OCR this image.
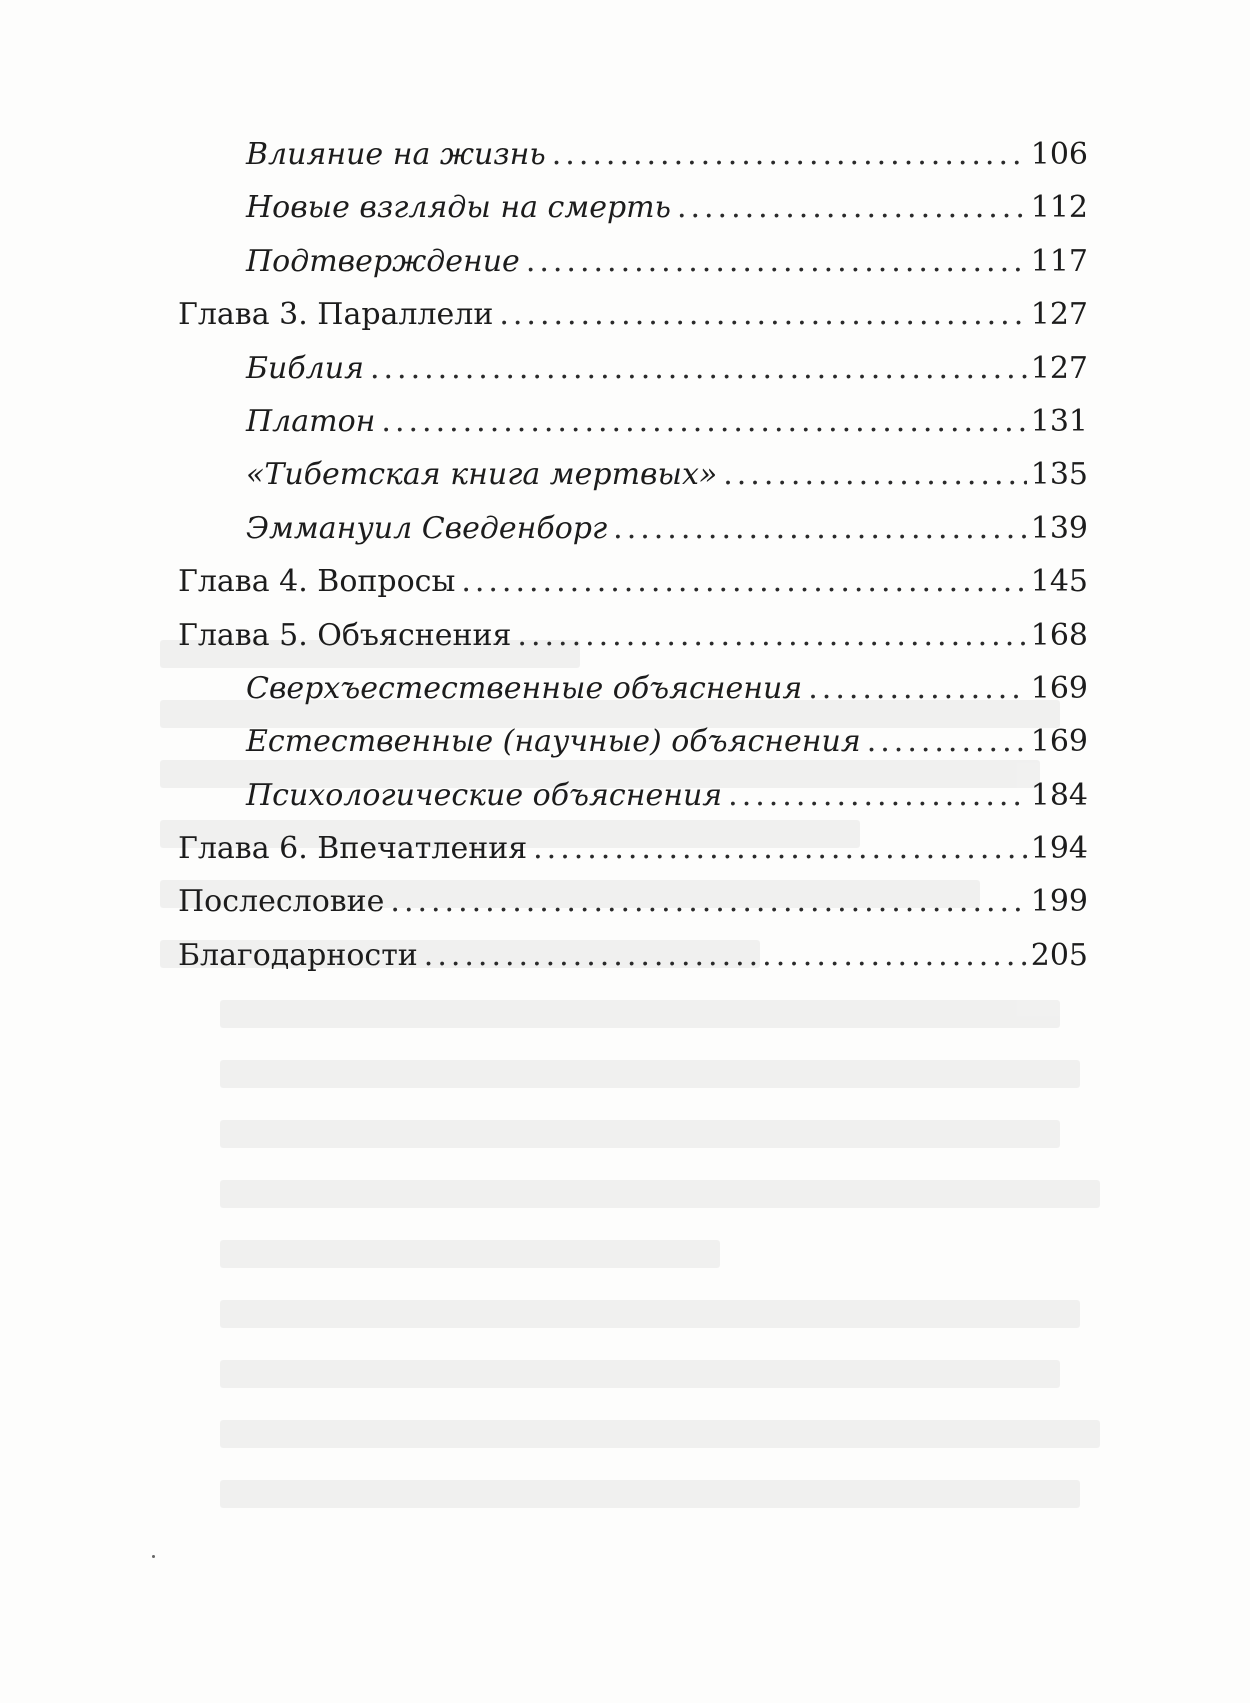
Влияние на жизнь .....	106
Новые взгляды на смерть .....	112
Подтверждение .....	117
Глава 3. Параллели .....	127
Библия .....	127
Платон .....	131
«Тибетская книга мертвых» .....	135
Эммануил Сведенборг .....	139
Глава 4. Вопросы .....	145
Глава 5. Объяснения .....	168
Сверхъестественные объяснения .....	169
Естественные (научные) объяснения .....	169
Психологические объяснения .....	184
Глава 6. Впечатления .....	194
Послесловие .....	199
Благодарности .....	205
